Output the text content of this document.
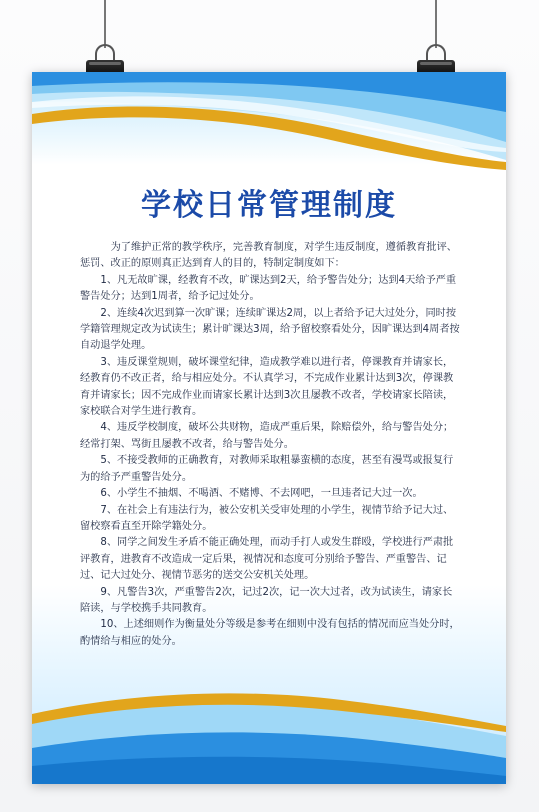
学校日常管理制度

为了维护正常的教学秩序，完善教育制度，对学生违反制度，遵循教育批评、惩罚、改正的原则真正达到育人的目的，特制定制度如下：

1、凡无故旷课，经教育不改，旷课达到2天，给予警告处分；达到4天给予严重警告处分；达到1周者，给予记过处分。

2、连续4次迟到算一次旷课；连续旷课达2周，以上者给予记大过处分，同时按学籍管理规定改为试读生；累计旷课达3周，给予留校察看处分，因旷课达到4周者按自动退学处理。

3、违反课堂规则，破坏课堂纪律，造成教学难以进行者，停课教育并请家长，经教育仍不改正者，给与相应处分。不认真学习，不完成作业累计达到3次，停课教育并请家长；因不完成作业而请家长累计达到3次且屡教不改者，学校请家长陪读，家校联合对学生进行教育。

4、违反学校制度，破坏公共财物，造成严重后果，除赔偿外，给与警告处分；经常打架、骂街且屡教不改者，给与警告处分。

5、不接受教师的正确教育，对教师采取粗暴蛮横的态度，甚至有漫骂或报复行为的给予严重警告处分。

6、小学生不抽烟、不喝酒、不赌博、不去网吧，一旦违者记大过一次。

7、在社会上有违法行为，被公安机关受审处理的小学生，视情节给予记大过、留校察看直至开除学籍处分。

8、同学之间发生矛盾不能正确处理，而动手打人或发生群殴，学校进行严肃批评教育，进教育不改造成一定后果，视情况和态度可分别给予警告、严重警告、记过、记大过处分、视情节恶劣的送交公安机关处理。

9、凡警告3次，严重警告2次，记过2次，记一次大过者，改为试读生，请家长陪读，与学校携手共同教育。

10、上述细则作为衡量处分等级是参考在细则中没有包括的情况而应当处分时，酌情给与相应的处分。
